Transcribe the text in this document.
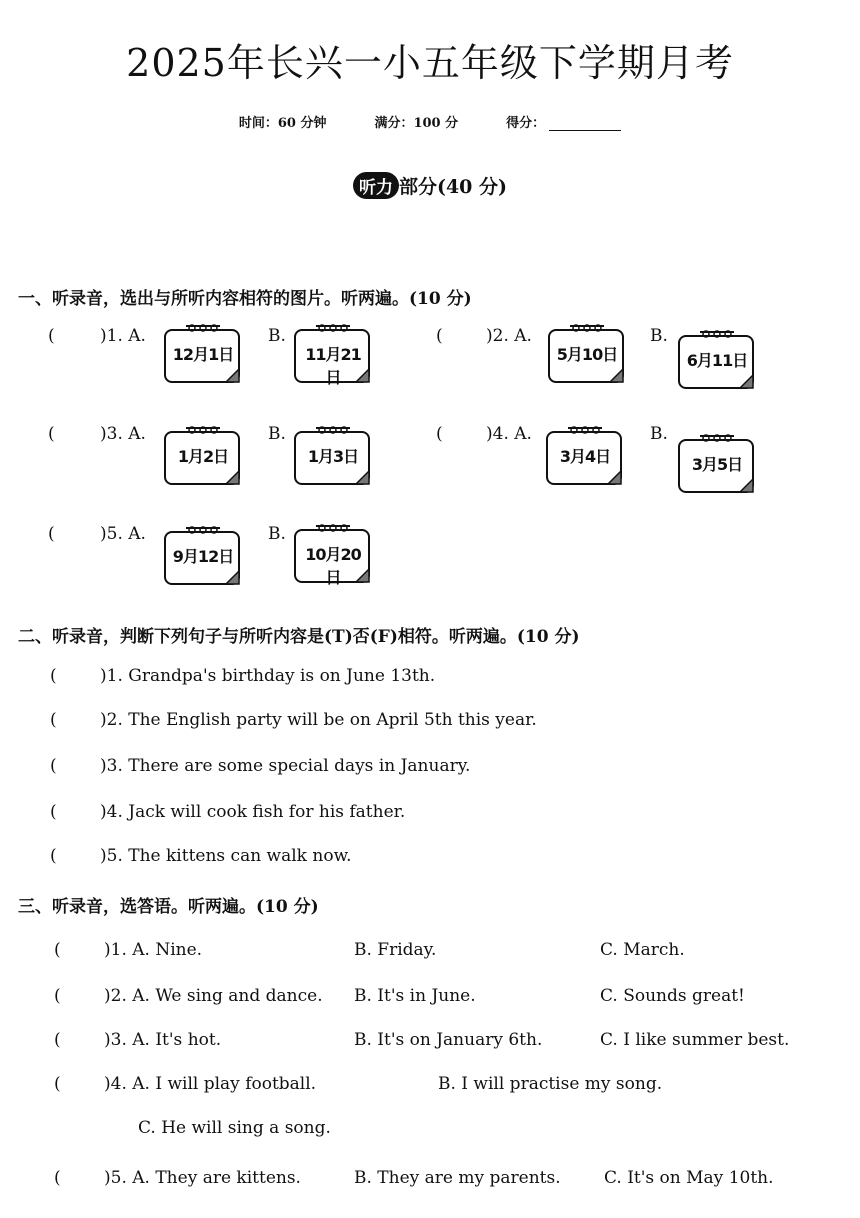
2025年长兴一小五年级下学期月考
时间：60 分钟	满分：100 分	得分：
听力 部分(40 分)
一、听录音，选出与所听内容相符的图片。听两遍。(10 分)
(	)1. A.
12月1日
B.
11月21日
(	)2. A.
5月10日
B.
6月11日
(	)3. A.
1月2日
B.
1月3日
(	)4. A.
3月4日
B.
3月5日
(	)5. A.
9月12日
B.
10月20日
二、听录音，判断下列句子与所听内容是(T)否(F)相符。听两遍。(10 分)
(	)1. Grandpa's birthday is on June 13th.
(	)2. The English party will be on April 5th this year.
(	)3. There are some special days in January.
(	)4. Jack will cook fish for his father.
(	)5. The kittens can walk now.
三、听录音，选答语。听两遍。(10 分)
(	)1. A. Nine.	B. Friday.	C. March.
(	)2. A. We sing and dance. B. It's in June.	C. Sounds great!
(	)3. A. It's hot.	B. It's on January 6th.	C. I like summer best.
(	)4. A. I will play football.	B. I will practise my song.
C. He will sing a song.
(	)5. A. They are kittens.	B. They are my parents.	C. It's on May 10th.
